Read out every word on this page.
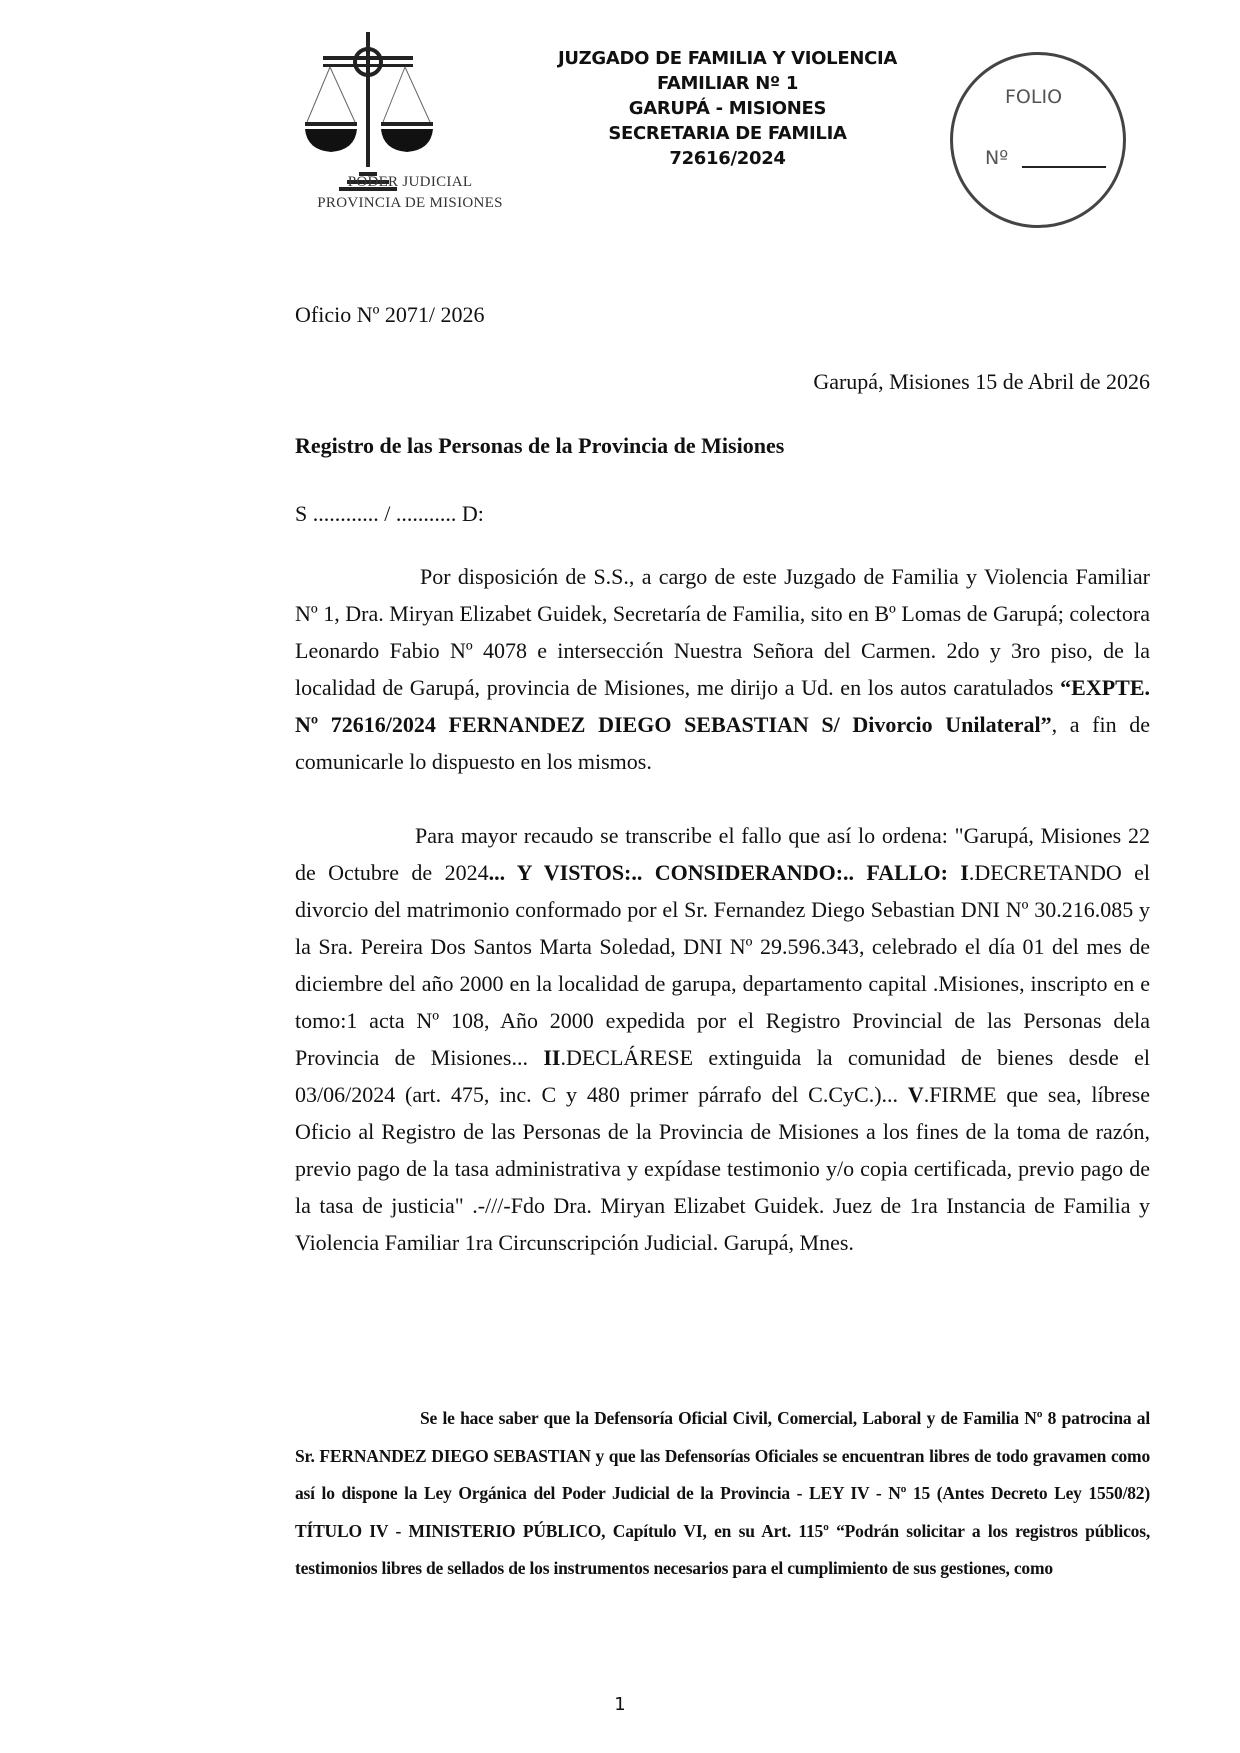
PODER JUDICIAL
PROVINCIA DE MISIONES
JUZGADO DE FAMILIA Y VIOLENCIA
FAMILIAR Nº 1
GARUPÁ - MISIONES
SECRETARIA DE FAMILIA
72616/2024
FOLIO
Nº
Oficio Nº 2071/ 2026
Garupá, Misiones 15 de Abril de 2026
Registro de las Personas de la Provincia de Misiones
S ............ / ........... D:
Por disposición de S.S., a cargo de este Juzgado de Familia y Violencia Familiar Nº 1, Dra. Miryan Elizabet Guidek, Secretaría de Familia, sito en Bº Lomas de Garupá; colectora Leonardo Fabio Nº 4078 e intersección Nuestra Señora del Carmen. 2do y 3ro piso, de la localidad de Garupá, provincia de Misiones, me dirijo a Ud. en los autos caratulados “EXPTE. Nº 72616/2024 FERNANDEZ DIEGO SEBASTIAN S/ Divorcio Unilateral”, a fin de comunicarle lo dispuesto en los mismos.
Para mayor recaudo se transcribe el fallo que así lo ordena: "Garupá, Misiones 22 de Octubre de 2024... Y VISTOS:.. CONSIDERANDO:.. FALLO: I.DECRETANDO el divorcio del matrimonio conformado por el Sr. Fernandez Diego Sebastian DNI Nº 30.216.085 y la Sra. Pereira Dos Santos Marta Soledad, DNI Nº 29.596.343, celebrado el día 01 del mes de diciembre del año 2000 en la localidad de garupa, departamento capital .Misiones, inscripto en e tomo:1 acta Nº 108, Año 2000 expedida por el Registro Provincial de las Personas dela Provincia de Misiones... II.DECLÁRESE extinguida la comunidad de bienes desde el 03/06/2024 (art. 475, inc. C y 480 primer párrafo del C.CyC.)... V.FIRME que sea, líbrese Oficio al Registro de las Personas de la Provincia de Misiones a los fines de la toma de razón, previo pago de la tasa administrativa y expídase testimonio y/o copia certificada, previo pago de la tasa de justicia" .-///-Fdo Dra. Miryan Elizabet Guidek. Juez de 1ra Instancia de Familia y Violencia Familiar 1ra Circunscripción Judicial. Garupá, Mnes.
Se le hace saber que la Defensoría Oficial Civil, Comercial, Laboral y de Familia Nº 8 patrocina al Sr. FERNANDEZ DIEGO SEBASTIAN y que las Defensorías Oficiales se encuentran libres de todo gravamen como así lo dispone la Ley Orgánica del Poder Judicial de la Provincia - LEY IV - Nº 15 (Antes Decreto Ley 1550/82) TÍTULO IV - MINISTERIO PÚBLICO, Capítulo VI, en su Art. 115º “Podrán solicitar a los registros públicos, testimonios libres de sellados de los instrumentos necesarios para el cumplimiento de sus gestiones, como
1
